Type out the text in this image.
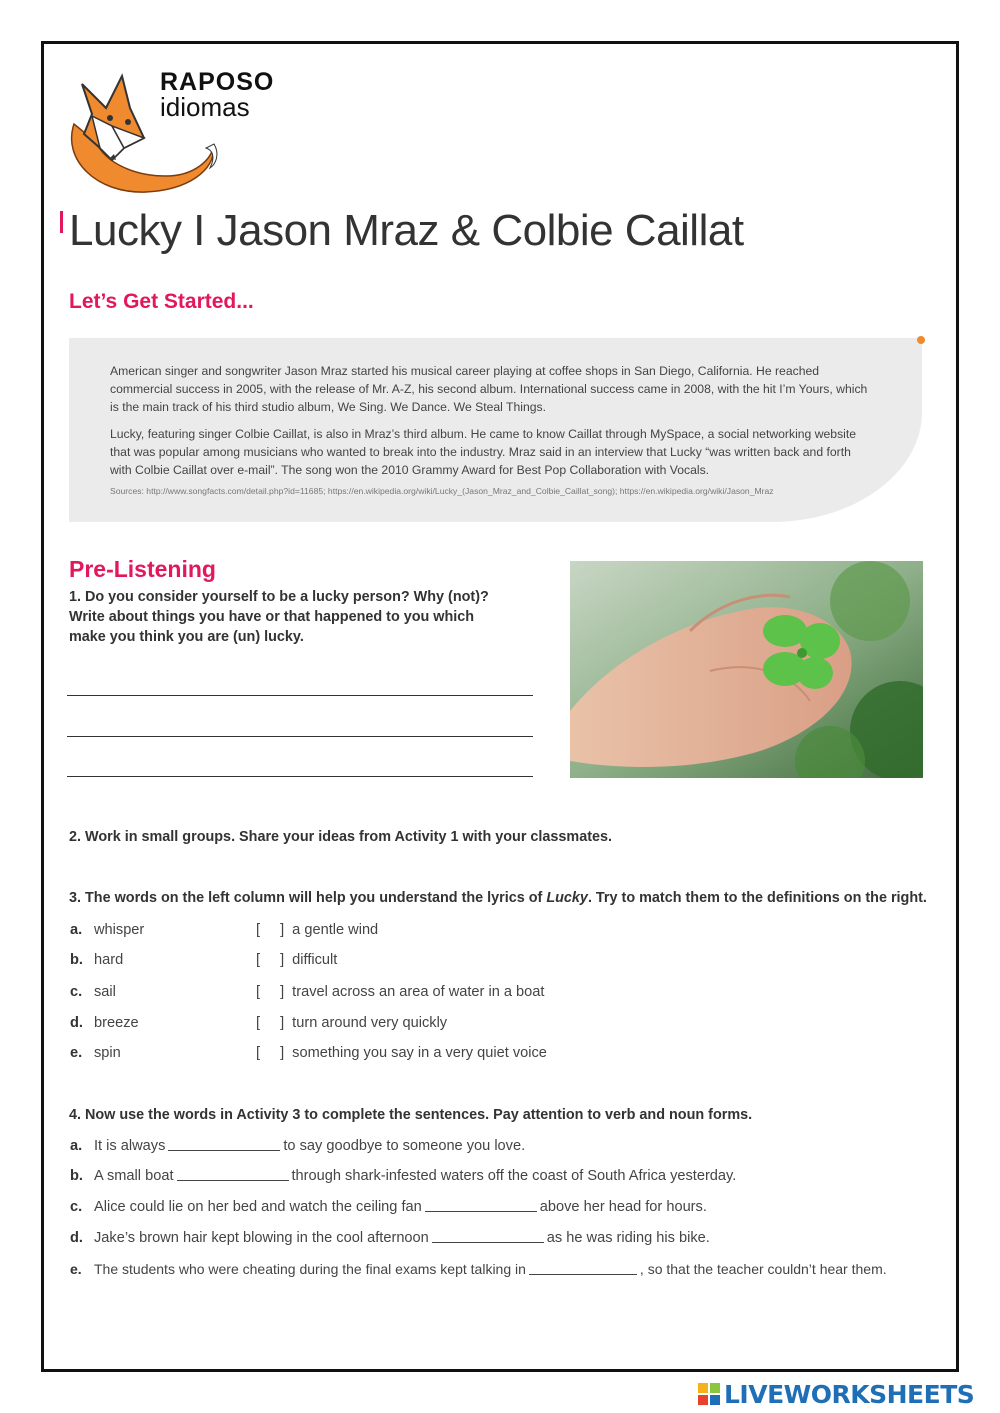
RAPOSO
idiomas
Lucky I Jason Mraz & Colbie Caillat
Let’s Get Started...

American singer and songwriter Jason Mraz started his musical career playing at coffee shops in San Diego, California. He reached commercial success in 2005, with the release of Mr. A-Z, his second album. International success came in 2008, with the hit I’m Yours, which is the main track of his third studio album, We Sing. We Dance. We Steal Things.

Lucky, featuring singer Colbie Caillat, is also in Mraz’s third album. He came to know Caillat through MySpace, a social networking website that was popular among musicians who wanted to break into the industry. Mraz said in an interview that Lucky “was written back and forth with Colbie Caillat over e-mail”. The song won the 2010 Grammy Award for Best Pop Collaboration with Vocals.

Sources: http://www.songfacts.com/detail.php?id=11685; https://en.wikipedia.org/wiki/Lucky_(Jason_Mraz_and_Colbie_Caillat_song); https://en.wikipedia.org/wiki/Jason_Mraz
Pre-Listening
1. Do you consider yourself to be a lucky person? Why (not)? Write about things you have or that happened to you which make you think you are (un) lucky.
2. Work in small groups. Share your ideas from Activity 1 with your classmates.
3. The words on the left column will help you understand the lyrics of Lucky. Try to match them to the definitions on the right.
a. whisper	[ ]a gentle wind
b. hard	[ ]difficult
c. sail	[ ]travel across an area of water in a boat
d. breeze	[ ]turn around very quickly
e. spin	[ ]something you say in a very quiet voice
4. Now use the words in Activity 3 to complete the sentences. Pay attention to verb and noun forms.
a. It is always	to say goodbye to someone you love.
b. A small boat	through shark-infested waters off the coast of South Africa yesterday.
c. Alice could lie on her bed and watch the ceiling fan	above her head for hours.
d. Jake’s brown hair kept blowing in the cool afternoon	as he was riding his bike.
e. The students who were cheating during the final exams kept talking in	, so that the teacher couldn’t hear them.
LIVEWORKSHEETS
